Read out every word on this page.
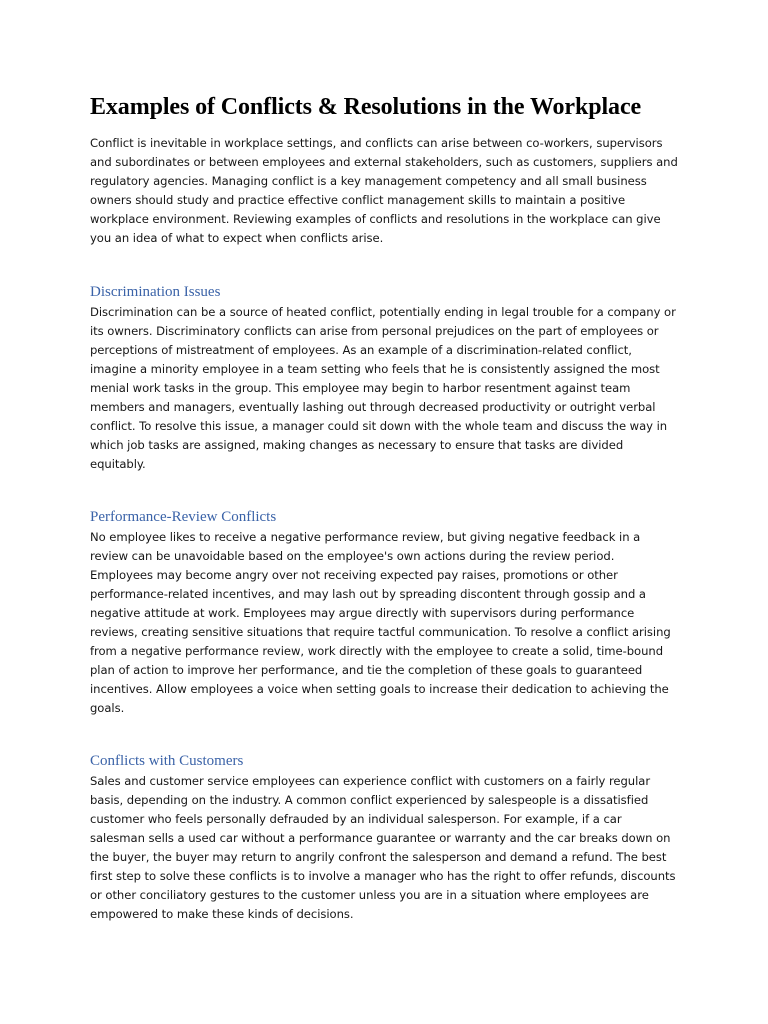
Examples of Conflicts & Resolutions in the Workplace

Conflict is inevitable in workplace settings, and conflicts can arise between co-workers, supervisors and subordinates or between employees and external stakeholders, such as customers, suppliers and regulatory agencies. Managing conflict is a key management competency and all small business owners should study and practice effective conflict management skills to maintain a positive workplace environment. Reviewing examples of conflicts and resolutions in the workplace can give you an idea of what to expect when conflicts arise.

Discrimination Issues

Discrimination can be a source of heated conflict, potentially ending in legal trouble for a company or its owners. Discriminatory conflicts can arise from personal prejudices on the part of employees or perceptions of mistreatment of employees. As an example of a discrimination-related conflict, imagine a minority employee in a team setting who feels that he is consistently assigned the most menial work tasks in the group. This employee may begin to harbor resentment against team members and managers, eventually lashing out through decreased productivity or outright verbal conflict. To resolve this issue, a manager could sit down with the whole team and discuss the way in which job tasks are assigned, making changes as necessary to ensure that tasks are divided equitably.

Performance-Review Conflicts

No employee likes to receive a negative performance review, but giving negative feedback in a review can be unavoidable based on the employee's own actions during the review period. Employees may become angry over not receiving expected pay raises, promotions or other performance-related incentives, and may lash out by spreading discontent through gossip and a negative attitude at work. Employees may argue directly with supervisors during performance reviews, creating sensitive situations that require tactful communication. To resolve a conflict arising from a negative performance review, work directly with the employee to create a solid, time-bound plan of action to improve her performance, and tie the completion of these goals to guaranteed incentives. Allow employees a voice when setting goals to increase their dedication to achieving the goals.

Conflicts with Customers

Sales and customer service employees can experience conflict with customers on a fairly regular basis, depending on the industry. A common conflict experienced by salespeople is a dissatisfied customer who feels personally defrauded by an individual salesperson. For example, if a car salesman sells a used car without a performance guarantee or warranty and the car breaks down on the buyer, the buyer may return to angrily confront the salesperson and demand a refund. The best first step to solve these conflicts is to involve a manager who has the right to offer refunds, discounts or other conciliatory gestures to the customer unless you are in a situation where employees are empowered to make these kinds of decisions.
